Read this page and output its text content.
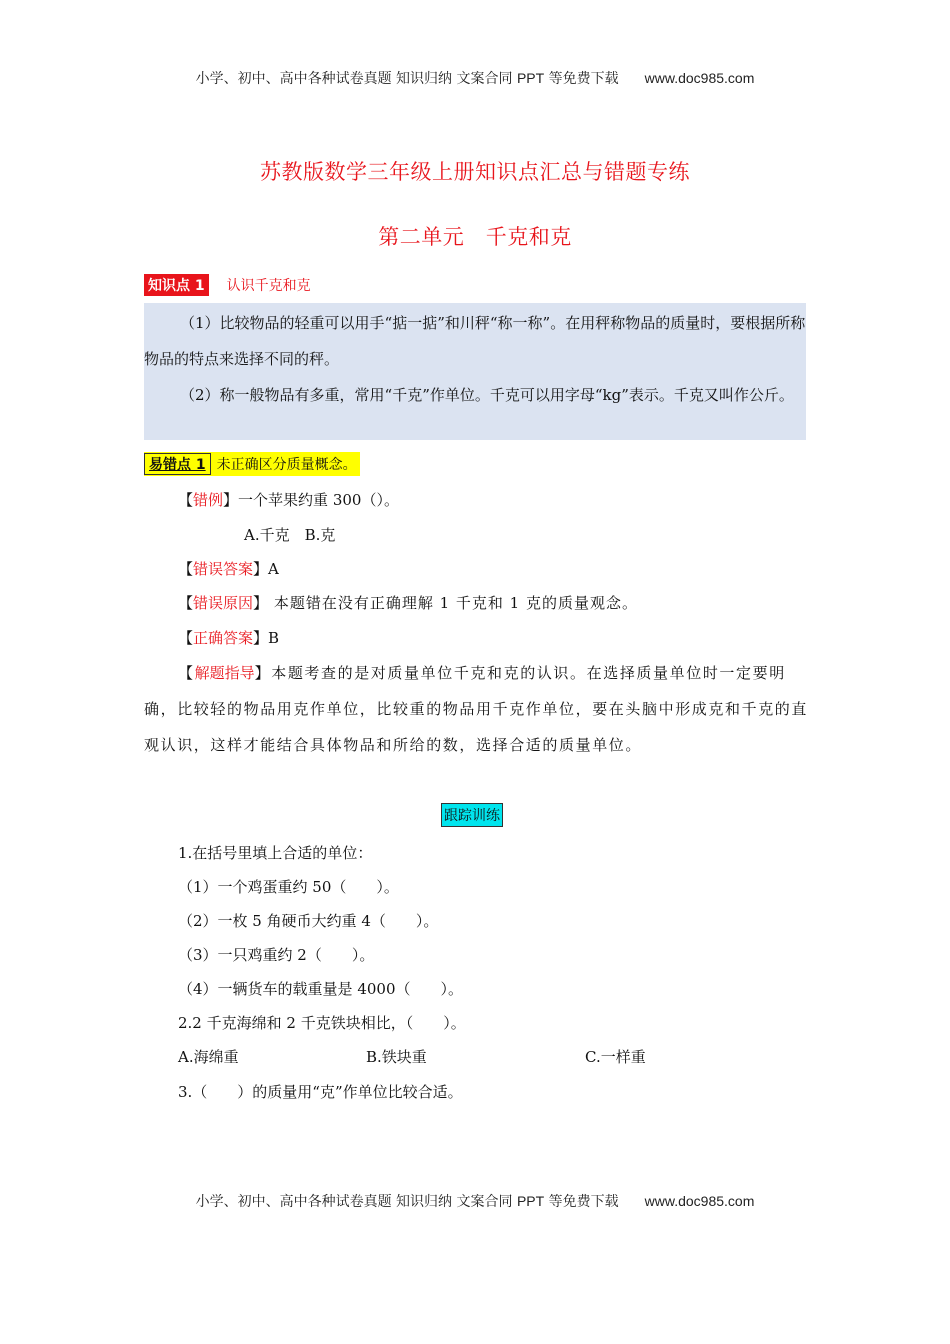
小学、初中、高中各种试卷真题 知识归纳 文案合同 PPT 等免费下载 www.doc985.com
苏教版数学三年级上册知识点汇总与错题专练
第二单元　千克和克
知识点 1 认识千克和克
（1）比较物品的轻重可以用手“掂一掂”和川秤“称一称”。在用秤称物品的质量时，要根据所称物品的特点来选择不同的秤。
（2）称一般物品有多重，常用“千克”作单位。千克可以用字母“kg”表示。千克又叫作公斤。
易错点 1 未正确区分质量概念。
【错例】一个苹果约重 300（）。
A.千克　B.克
【错误答案】A
【错误原因】 本题错在没有正确理解 1 千克和 1 克的质量观念。
【正确答案】B
【解题指导】本题考查的是对质量单位千克和克的认识。在选择质量单位时一定要明确，比较轻的物品用克作单位，比较重的物品用千克作单位，要在头脑中形成克和千克的直观认识，这样才能结合具体物品和所给的数，选择合适的质量单位。
跟踪训练
1.在括号里填上合适的单位：
（1）一个鸡蛋重约 50（　　）。
（2）一枚 5 角硬币大约重 4（　　）。
（3）一只鸡重约 2（　　）。
（4）一辆货车的载重量是 4000（　　）。
2.2 千克海绵和 2 千克铁块相比，（　　）。
A.海绵重	B.铁块重	C.一样重
3.（　　）的质量用“克”作单位比较合适。
小学、初中、高中各种试卷真题 知识归纳 文案合同 PPT 等免费下载 www.doc985.com
